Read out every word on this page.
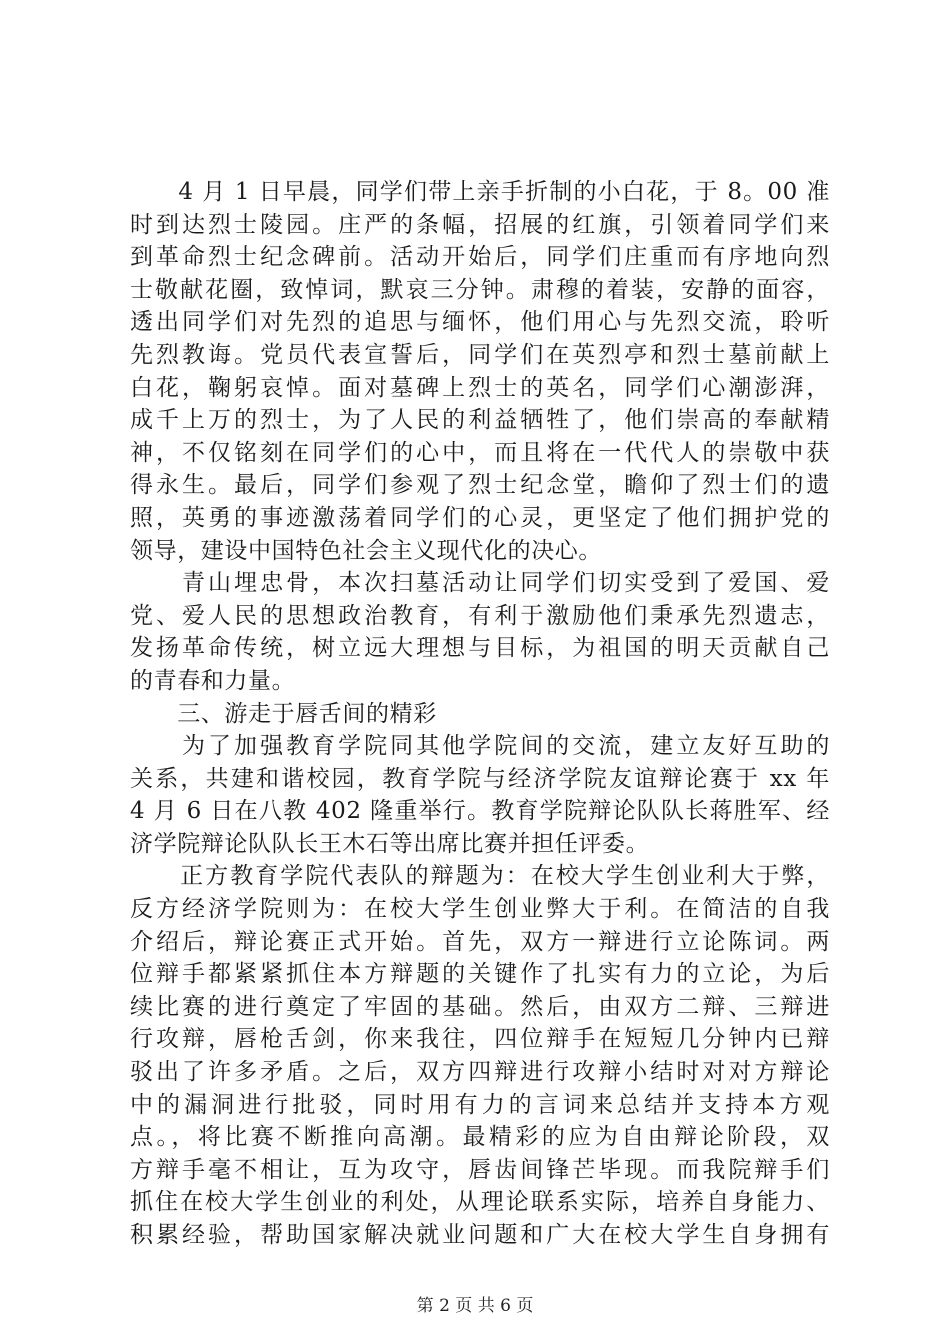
　　4 月 1 日早晨，同学们带上亲手折制的小白花，于 8。00 准
时到达烈士陵园。庄严的条幅，招展的红旗，引领着同学们来
到革命烈士纪念碑前。活动开始后，同学们庄重而有序地向烈
士敬献花圈，致悼词，默哀三分钟。肃穆的着装，安静的面容，
透出同学们对先烈的追思与缅怀，他们用心与先烈交流，聆听
先烈教诲。党员代表宣誓后，同学们在英烈亭和烈士墓前献上
白花，鞠躬哀悼。面对墓碑上烈士的英名，同学们心潮澎湃，
成千上万的烈士，为了人民的利益牺牲了，他们崇高的奉献精
神，不仅铭刻在同学们的心中，而且将在一代代人的崇敬中获
得永生。最后，同学们参观了烈士纪念堂，瞻仰了烈士们的遗
照，英勇的事迹激荡着同学们的心灵，更坚定了他们拥护党的
领导，建设中国特色社会主义现代化的决心。
　　青山埋忠骨，本次扫墓活动让同学们切实受到了爱国、爱
党、爱人民的思想政治教育，有利于激励他们秉承先烈遗志，
发扬革命传统，树立远大理想与目标，为祖国的明天贡献自己
的青春和力量。
　　三、游走于唇舌间的精彩
　　为了加强教育学院同其他学院间的交流，建立友好互助的
关系，共建和谐校园，教育学院与经济学院友谊辩论赛于 xx 年
4 月 6 日在八教 402 隆重举行。教育学院辩论队队长蒋胜军、经
济学院辩论队队长王木石等出席比赛并担任评委。
　　正方教育学院代表队的辩题为：在校大学生创业利大于弊，
反方经济学院则为：在校大学生创业弊大于利。在简洁的自我
介绍后，辩论赛正式开始。首先，双方一辩进行立论陈词。两
位辩手都紧紧抓住本方辩题的关键作了扎实有力的立论，为后
续比赛的进行奠定了牢固的基础。然后，由双方二辩、三辩进
行攻辩，唇枪舌剑，你来我往，四位辩手在短短几分钟内已辩
驳出了许多矛盾。之后，双方四辩进行攻辩小结时对对方辩论
中的漏洞进行批驳，同时用有力的言词来总结并支持本方观
点。，将比赛不断推向高潮。最精彩的应为自由辩论阶段，双
方辩手毫不相让，互为攻守，唇齿间锋芒毕现。而我院辩手们
抓住在校大学生创业的利处，从理论联系实际，培养自身能力、
积累经验，帮助国家解决就业问题和广大在校大学生自身拥有
第 2 页 共 6 页
